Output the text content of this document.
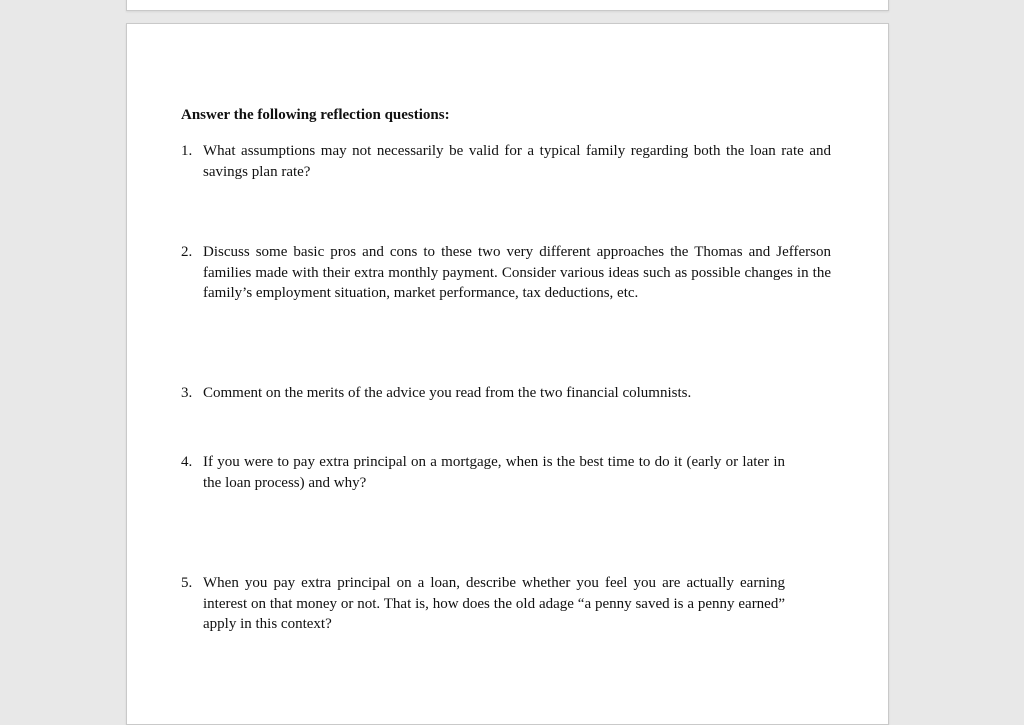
Answer the following reflection questions:
1. What assumptions may not necessarily be valid for a typical family regarding both the loan rate and savings plan rate?
2. Discuss some basic pros and cons to these two very different approaches the Thomas and Jefferson families made with their extra monthly payment. Consider various ideas such as possible changes in the family’s employment situation, market performance, tax deductions, etc.
3. Comment on the merits of the advice you read from the two financial columnists.
4. If you were to pay extra principal on a mortgage, when is the best time to do it (early or later in the loan process) and why?
5. When you pay extra principal on a loan, describe whether you feel you are actually earning interest on that money or not. That is, how does the old adage “a penny saved is a penny earned” apply in this context?
